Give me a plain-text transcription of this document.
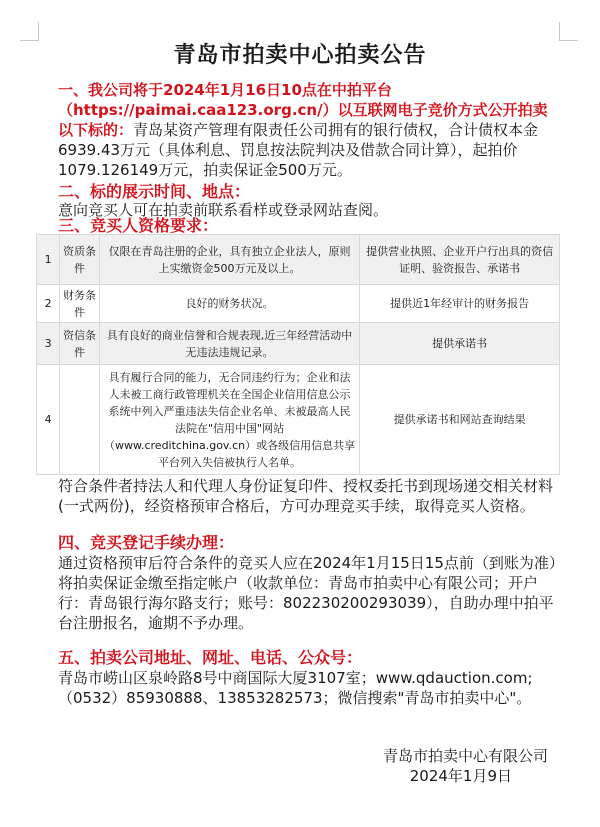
青岛市拍卖中心拍卖公告

一、我公司将于2024年1月16日10点在中拍平台（https://paimai.caa123.org.cn/）以互联网电子竞价方式公开拍卖以下标的：青岛某资产管理有限责任公司拥有的银行债权，合计债权本金6939.43万元（具体利息、罚息按法院判决及借款合同计算），起拍价1079.126149万元，拍卖保证金500万元。

二、标的展示时间、地点：

意向竞买人可在拍卖前联系看样或登录网站查阅。

三、竞买人资格要求：
1	资质条件	仅限在青岛注册的企业，具有独立企业法人，原则上实缴资金500万元及以上。	提供营业执照、企业开户行出具的资信证明、验资报告、承诺书
2	财务条件	良好的财务状况。	提供近1年经审计的财务报告
3	资信条件	具有良好的商业信誉和合规表现,近三年经营活动中无违法违规记录。	提供承诺书
4		具有履行合同的能力，无合同违约行为；企业和法人未被工商行政管理机关在全国企业信用信息公示系统中列入严重违法失信企业名单、未被最高人民法院在"信用中国"网站（www.creditchina.gov.cn）或各级信用信息共享平台列入失信被执行人名单。	提供承诺书和网站查询结果

符合条件者持法人和代理人身份证复印件、授权委托书到现场递交相关材料(一式两份)，经资格预审合格后，方可办理竞买手续，取得竞买人资格。

四、竞买登记手续办理：

通过资格预审后符合条件的竞买人应在2024年1月15日15点前（到账为准）将拍卖保证金缴至指定帐户（收款单位：青岛市拍卖中心有限公司；开户行：青岛银行海尔路支行；账号：802230200293039），自助办理中拍平台注册报名，逾期不予办理。

五、拍卖公司地址、网址、电话、公众号：

青岛市崂山区泉岭路8号中商国际大厦3107室；www.qdauction.com;（0532）85930888、13853282573；微信搜索"青岛市拍卖中心"。

青岛市拍卖中心有限公司
2024年1月9日
